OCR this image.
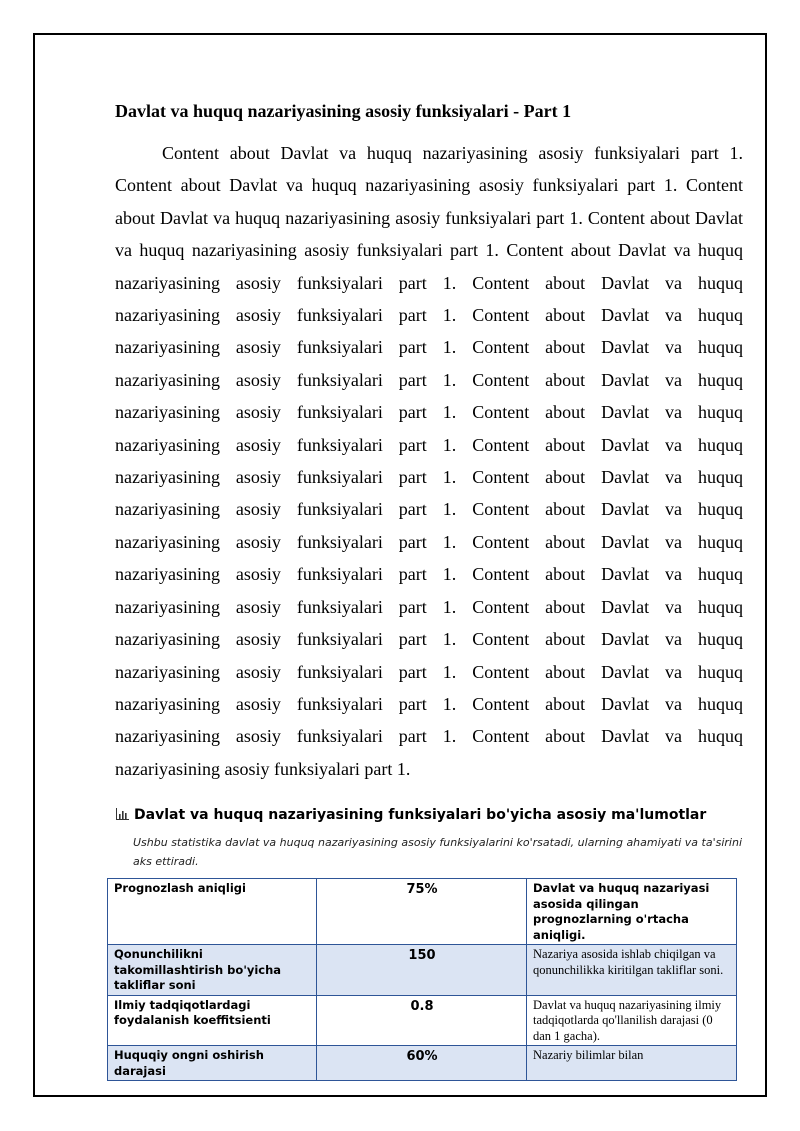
Davlat va huquq nazariyasining asosiy funksiyalari - Part 1

Content about Davlat va huquq nazariyasining asosiy funksiyalari part 1. Content about Davlat va huquq nazariyasining asosiy funksiyalari part 1. Content about Davlat va huquq nazariyasining asosiy funksiyalari part 1. Content about Davlat va huquq nazariyasining asosiy funksiyalari part 1. Content about Davlat va huquq nazariyasining asosiy funksiyalari part 1. Content about Davlat va huquq nazariyasining asosiy funksiyalari part 1. Content about Davlat va huquq nazariyasining asosiy funksiyalari part 1. Content about Davlat va huquq nazariyasining asosiy funksiyalari part 1. Content about Davlat va huquq nazariyasining asosiy funksiyalari part 1. Content about Davlat va huquq nazariyasining asosiy funksiyalari part 1. Content about Davlat va huquq nazariyasining asosiy funksiyalari part 1. Content about Davlat va huquq nazariyasining asosiy funksiyalari part 1. Content about Davlat va huquq nazariyasining asosiy funksiyalari part 1. Content about Davlat va huquq nazariyasining asosiy funksiyalari part 1. Content about Davlat va huquq nazariyasining asosiy funksiyalari part 1. Content about Davlat va huquq nazariyasining asosiy funksiyalari part 1. Content about Davlat va huquq nazariyasining asosiy funksiyalari part 1. Content about Davlat va huquq nazariyasining asosiy funksiyalari part 1. Content about Davlat va huquq nazariyasining asosiy funksiyalari part 1. Content about Davlat va huquq nazariyasining asosiy funksiyalari part 1.

Davlat va huquq nazariyasining funksiyalari bo'yicha asosiy ma'lumotlar

Ushbu statistika davlat va huquq nazariyasining asosiy funksiyalarini ko'rsatadi, ularning ahamiyati va ta'sirini aks ettiradi.

Prognozlash aniqligi	75%	Davlat va huquq nazariyasi asosida qilingan prognozlarning o'rtacha aniqligi.
Qonunchilikni takomillashtirish bo'yicha takliflar soni	150	Nazariya asosida ishlab chiqilgan va qonunchilikka kiritilgan takliflar soni.
Ilmiy tadqiqotlardagi foydalanish koeffitsienti	0.8	Davlat va huquq nazariyasining ilmiy tadqiqotlarda qo'llanilish darajasi (0 dan 1 gacha).
Huquqiy ongni oshirish darajasi	60%	Nazariy bilimlar bilan
